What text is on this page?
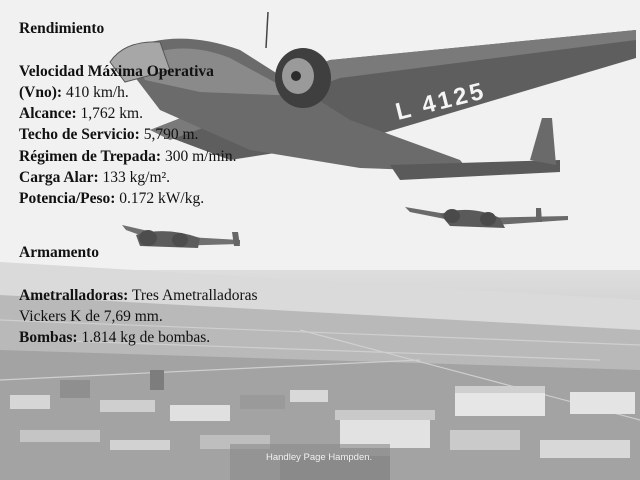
L 4125

Rendimiento

Velocidad Máxima Operativa

(Vno): 410 km/h.

Alcance: 1,762 km.

Techo de Servicio: 5,790 m.

Régimen de Trepada: 300 m/min.

Carga Alar: 133 kg/m².

Potencia/Peso: 0.172 kW/kg.

Armamento

Ametralladoras: Tres Ametralladoras

Vickers K de 7,69 mm.

Bombas: 1.814 kg de bombas.

Handley Page Hampden.
